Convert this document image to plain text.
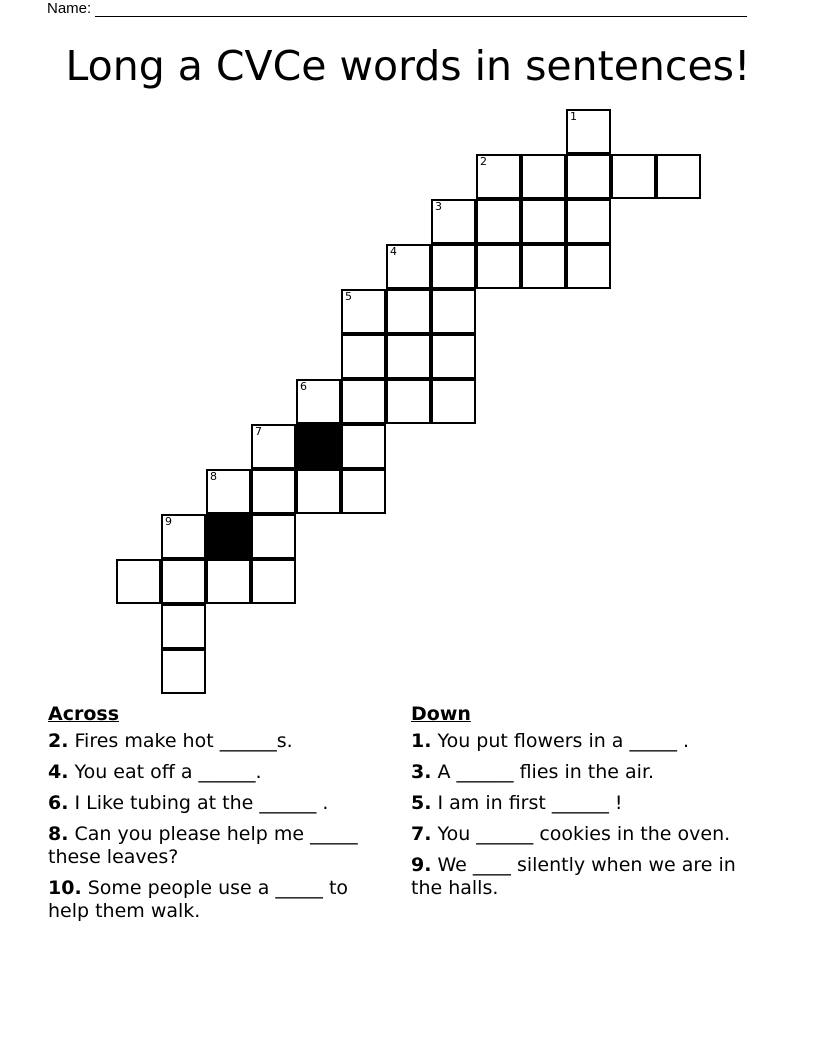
Name:
Long a CVCe words in sentences!
1
2
3
4
5
6
7
8
9
Across
2. Fires make hot ______s.
4. You eat off a ______.
6. I Like tubing at the ______ .
8. Can you please help me _____ these leaves?
10. Some people use a _____ to help them walk.
Down
1. You put flowers in a _____ .
3. A ______ flies in the air.
5. I am in first ______ !
7. You ______ cookies in the oven.
9. We ____ silently when we are in the halls.
